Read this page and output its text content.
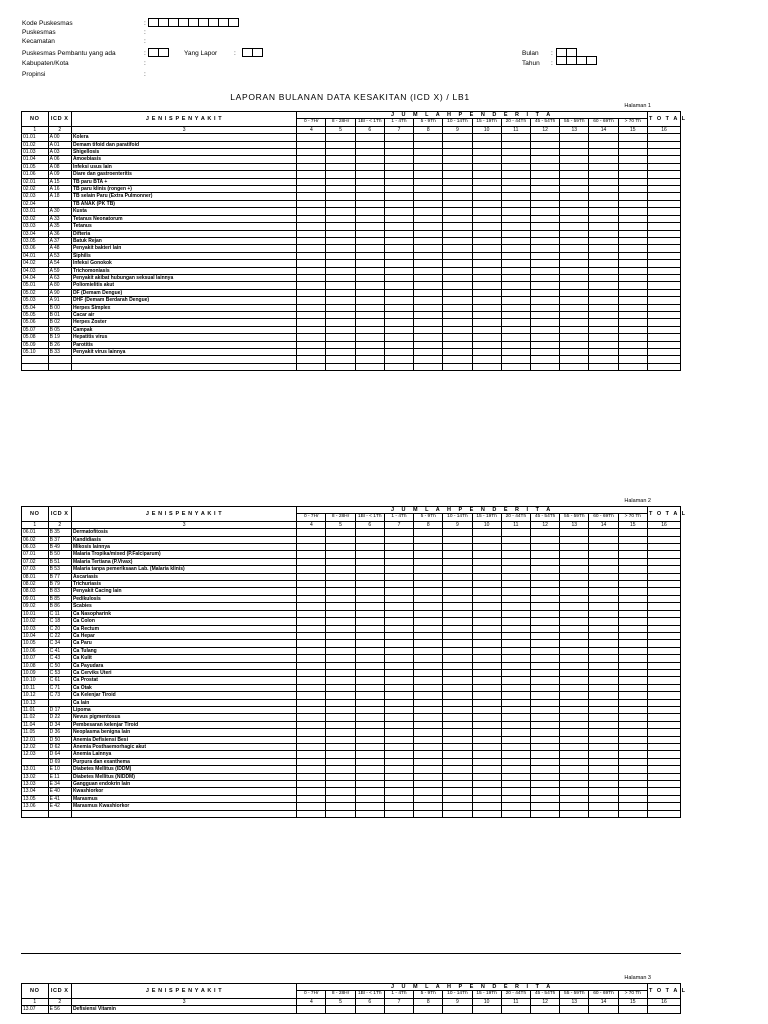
Kode Puskesmas	:
Puskesmas	:
Kecamatan	:
Puskesmas Pembantu yang ada	:	Yang Lapor	:	Bulan :
Kabupaten/Kota	:	Tahun :
Propinsi	:
LAPORAN BULANAN DATA KESAKITAN (ICD X) / LB1
Halaman 1
NO	ICD X	J E N I S P E N Y A K I T	J U M L A H P E N D E R I T A												T O T A L
			0 - 7Hr	8 - 28Hr	1Bl - < 1Th	1 - 4Th	5 - 9Th	10 - 14Th	15 - 19Th	20 - 44Th	45 - 54Th	55 - 59Th	60 - 69Th	> 70 Th	
1	2	3	4	5	6	7	8	9	10	11	12	13	14	15	16
01.01	A 00	Kolera													
01.02	A 01	Demam tifoid dan paratifoid													
01.03	A 03	Shigellosis													
01.04	A 06	Amoebiasis													
01.05	A 08	Infeksi usus lain													
01.06	A 09	Diare dan gastroenteritis													
02.01	A 15	TB paru BTA +													
02.02	A 16	TB paru klinis (rongen +)													
02.03	A 18	TB selain Paru (Extra Pulmonner)													
02.04		TB ANAK (PK TB)													
03.01	A 30	Kusta													
03.02	A 33	Tetanus Neonatorum													
03.03	A 35	Tetanus													
03.04	A 36	Difteria													
03.05	A 37	Batuk Rejan													
03.06	A 48	Penyakit bakteri lain													
04.01	A 53	Siphilis													
04.02	A 54	Infeksi Gonokok													
04.03	A 59	Trichomoniasis													
04.04	A 63	Penyakit akibat hubungan seksual lainnya													
05.01	A 80	Poliomielitis akut													
05.02	A 90	DF (Demam Dengue)													
05.03	A 91	DHF (Demam Berdarah Dengue)													
05.04	B 00	Herpes Simplex													
05.05	B 01	Cacar air													
05.06	B 02	Herpes Zoster													
05.07	B 05	Campak													
05.08	B 19	Hepatitis virus													
05.09	B 26	Parotitis													
05.10	B 33	Penyakit virus lainnya													

Halaman 2
NO	ICD X	J E N I S P E N Y A K I T	J U M L A H P E N D E R I T A												T O T A L
			0 - 7Hr	8 - 28Hr	1Bl - < 1Th	1 - 4Th	5 - 9Th	10 - 14Th	15 - 19Th	20 - 44Th	45 - 54Th	55 - 59Th	60 - 69Th	> 70 Th	
1	2	3	4	5	6	7	8	9	10	11	12	13	14	15	16
06.01	B 35	Dermatofitosis													
06.02	B 37	Kandidiasis													
06.03	B 49	Mikosis lainnya													
07.01	B 50	Malaria Tropika/mixed (P.Falciparum)													
07.02	B 51	Malaria Tertiana (P.Vivax)													
07.03	B 53	Malaria tanpa pemeriksaan Lab. (Malaria klinis)													
08.01	B 77	Ascariasis													
08.02	B 79	Trichuriasis													
08.03	B 83	Penyakit Cacing lain													
09.01	B 85	Pedikulosis													
09.02	B 86	Scabies													
10.01	C 11	Ca Nasopharink													
10.02	C 18	Ca Colon													
10.03	C 20	Ca Rectum													
10.04	C 22	Ca Hepar													
10.05	C 34	Ca Paru													
10.06	C 41	Ca Tulang													
10.07	C 43	Ca Kulit													
10.08	C 50	Ca Payudara													
10.09	C 53	Ca Cerviks Uteri													
10.10	C 61	Ca Prostat													
10.11	C 71	Ca Otak													
10.12	C 73	Ca Kelenjar Tiroid													
10.13		Ca lain													
11.01	D 17	Lipoma													
11.02	D 22	Nevus pigmentosus													
11.04	D 34	Pembesaran kelenjar Tiroid													
11.05	D 36	Neoplasma benigna lain													
12.01	D 50	Anemia Defisiensi Besi													
12.02	D 62	Anemia Posthaemorhagic akut													
12.03	D 64	Anemia Lainnya													
	D 69	Purpura dan exanthema													
13.01	E 10	Diabetes Mellitus (IDDM)													
13.02	E 11	Diabetes Mellitus (NIDDM)													
13.03	E 34	Gangguan endokrin lain													
13.04	E 40	Kwashiorkor													
13.05	E 41	Marasmus													
13.06	E 42	Marasmus Kwashiorkor													

Halaman 3
NO	ICD X	J E N I S P E N Y A K I T	J U M L A H P E N D E R I T A												T O T A L
			0 - 7Hr	8 - 28Hr	1Bl - < 1Th	1 - 4Th	5 - 9Th	10 - 14Th	15 - 19Th	20 - 44Th	45 - 54Th	55 - 59Th	60 - 69Th	> 70 Th	
1	2	3	4	5	6	7	8	9	10	11	12	13	14	15	16
13.07	E 56	Defisiensi Vitamin													
